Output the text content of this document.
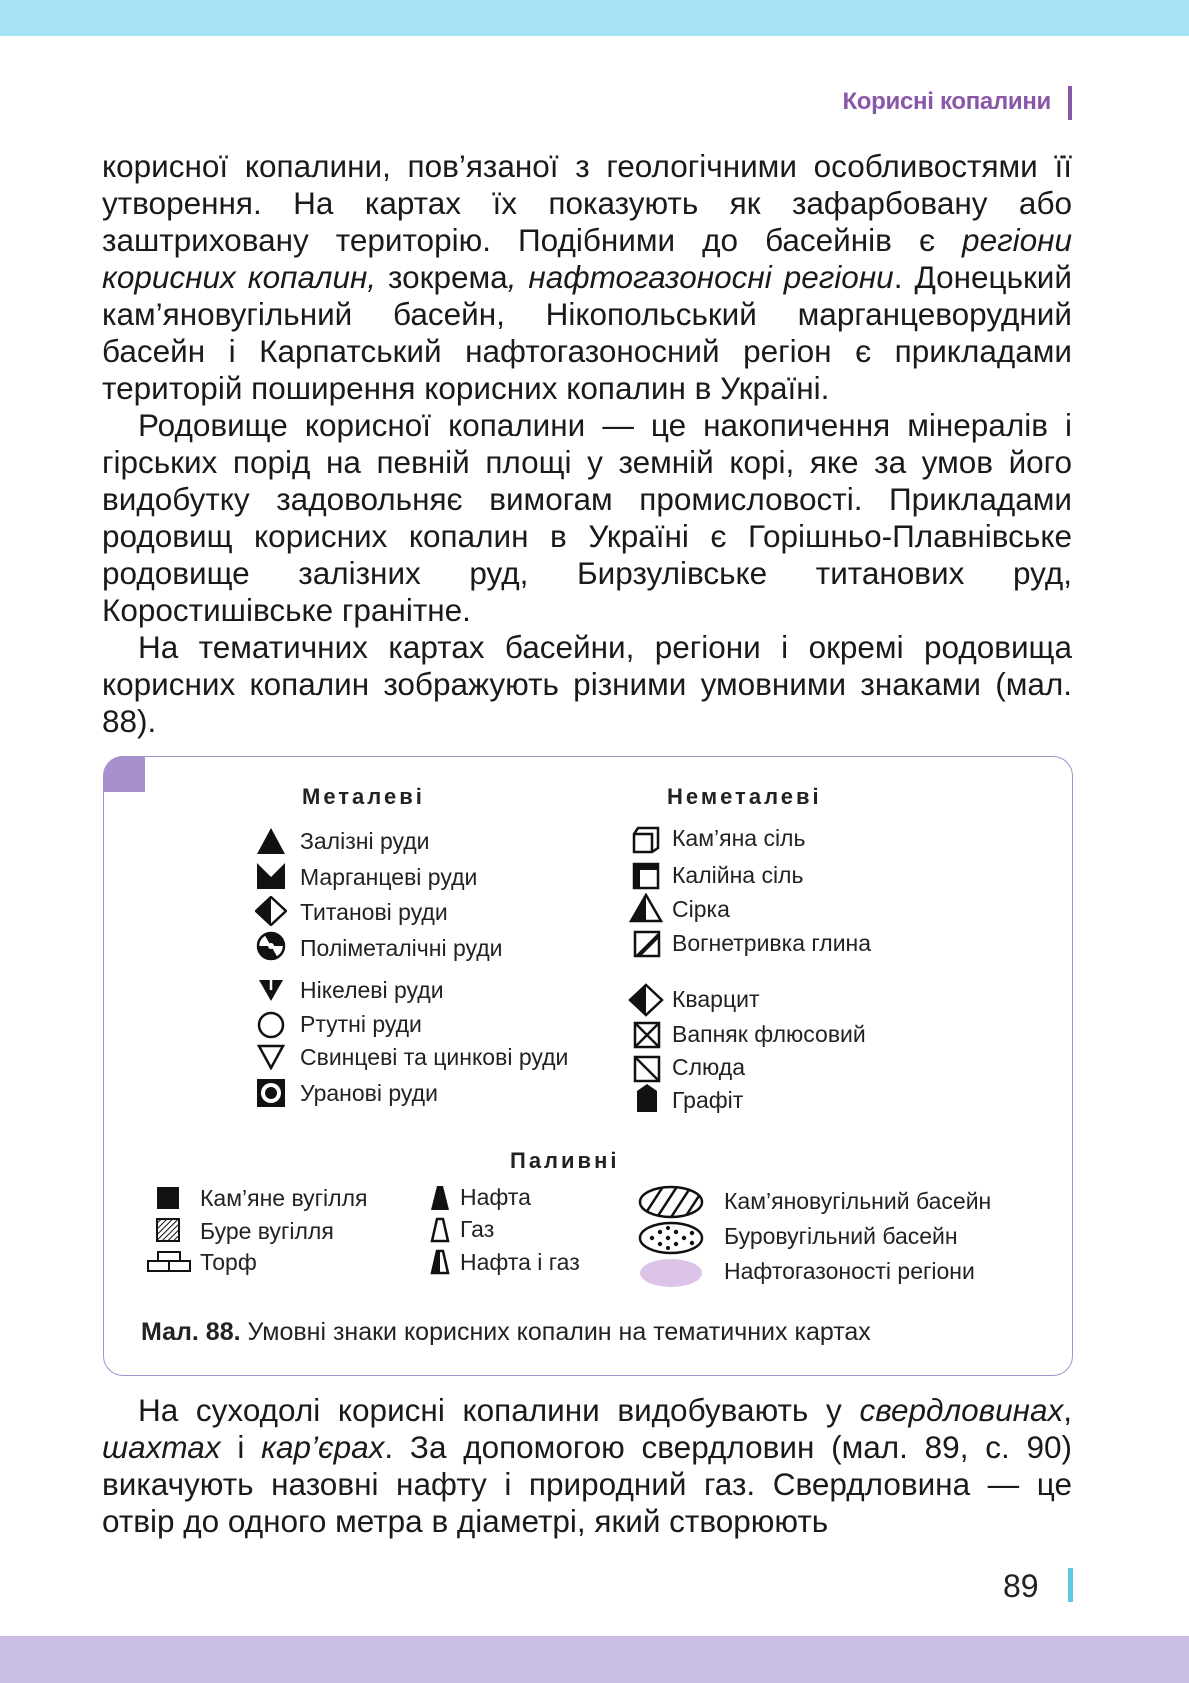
Корисні копалини

корисної копалини, пов’язаної з геологічними особливостями її утворення. На картах їх показують як зафарбовану або заштриховану територію. Подібними до басейнів є регіони корисних копалин, зокрема, нафтогазоносні регіони. Донецький кам’яновугільний басейн, Нікопольський марганцеворудний басейн і Карпатський нафтогазоносний регіон є прикладами територій поширення корисних копалин в Україні.

Родовище корисної копалини — це накопичення мінералів і гірських порід на певній площі у земній корі, яке за умов його видобутку задовольняє вимогам промисловості. Прикладами родовищ корисних копалин в Україні є Горішньо-Плавнівське родовище залізних руд, Бирзулівське титанових руд, Коростишівське гранітне.

На тематичних картах басейни, регіони і окремі родовища корисних копалин зображують різними умовними знаками (мал. 88).

Металеві	Неметалеві
Паливні
Залізні руди
Марганцеві руди
Титанові руди
Поліметалічні руди
Нікелеві руди
Ртутні руди
Свинцеві та цинкові руди
Уранові руди
Кам’яна сіль
Калійна сіль
Сірка
Вогнетривка глина
Кварцит
Вапняк флюсовий
Слюда
Графіт
Кам’яне вугілля
Буре вугілля
Торф
Нафта
Газ
Нафта і газ
Кам’яновугільний басейн
Буровугільний басейн
Нафтогазоності регіони
Мал. 88. Умовні знаки корисних копалин на тематичних картах

На суходолі корисні копалини видобувають у свердловинах, шахтах і кар’єрах. За допомогою свердловин (мал. 89, с. 90) викачують назовні нафту і природний газ. Свердловина — це отвір до одного метра в діаметрі, який створюють

89
